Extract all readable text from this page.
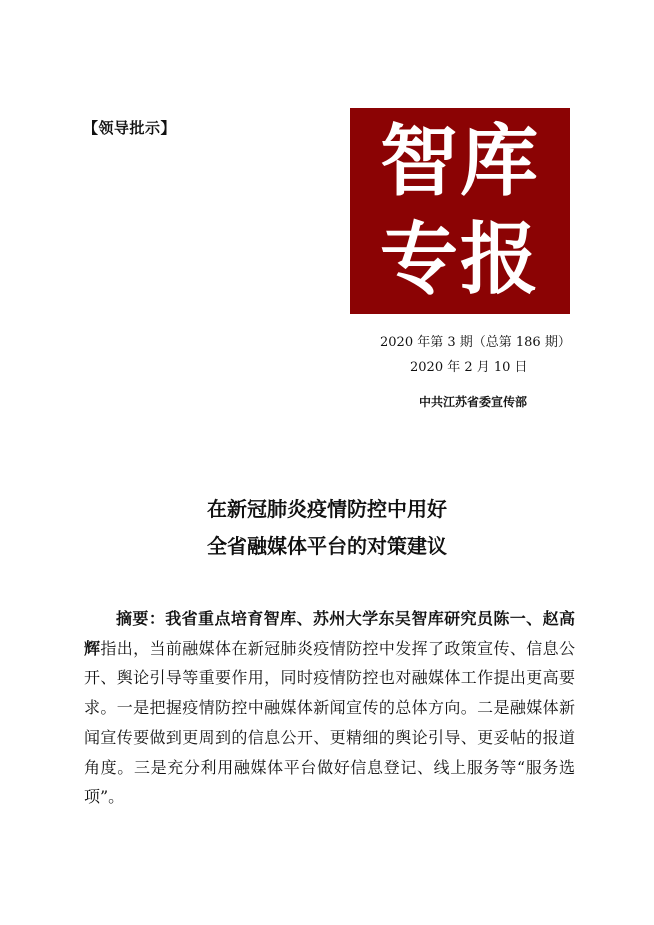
【领导批示】	智库
专报
2020 年第 3 期（总第 186 期）
2020 年 2 月 10 日
中共江苏省委宣传部
在新冠肺炎疫情防控中用好
全省融媒体平台的对策建议

摘要：我省重点培育智库、苏州大学东吴智库研究员陈一、赵高辉指出，当前融媒体在新冠肺炎疫情防控中发挥了政策宣传、信息公开、舆论引导等重要作用，同时疫情防控也对融媒体工作提出更高要求。一是把握疫情防控中融媒体新闻宣传的总体方向。二是融媒体新闻宣传要做到更周到的信息公开、更精细的舆论引导、更妥帖的报道角度。三是充分利用融媒体平台做好信息登记、线上服务等“服务选项”。
